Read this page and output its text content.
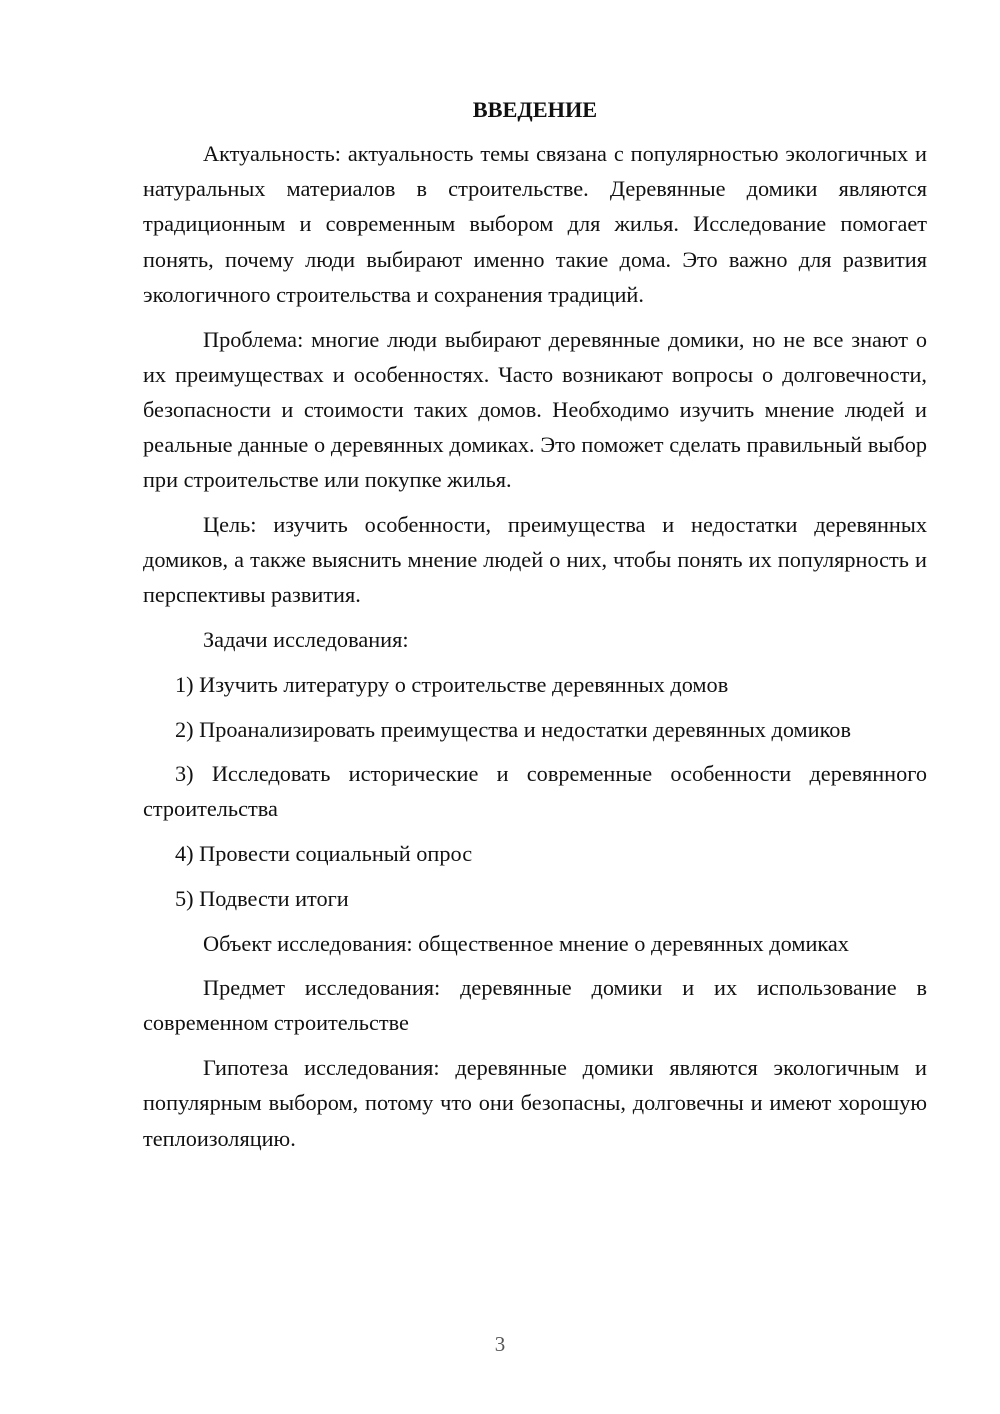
ВВЕДЕНИЕ

Актуальность: актуальность темы связана с популярностью экологичных и натуральных материалов в строительстве. Деревянные домики являются традиционным и современным выбором для жилья. Исследование помогает понять, почему люди выбирают именно такие дома. Это важно для развития экологичного строительства и сохранения традиций.

Проблема: многие люди выбирают деревянные домики, но не все знают о их преимуществах и особенностях. Часто возникают вопросы о долговечности, безопасности и стоимости таких домов. Необходимо изучить мнение людей и реальные данные о деревянных домиках. Это поможет сделать правильный выбор при строительстве или покупке жилья.

Цель: изучить особенности, преимущества и недостатки деревянных домиков, а также выяснить мнение людей о них, чтобы понять их популярность и перспективы развития.

Задачи исследования:

1) Изучить литературу о строительстве деревянных домов

2) Проанализировать преимущества и недостатки деревянных домиков

3) Исследовать исторические и современные особенности деревянного строительства

4) Провести социальный опрос

5) Подвести итоги

Объект исследования: общественное мнение о деревянных домиках

Предмет исследования: деревянные домики и их использование в современном строительстве

Гипотеза исследования: деревянные домики являются экологичным и популярным выбором, потому что они безопасны, долговечны и имеют хорошую теплоизоляцию.

3
